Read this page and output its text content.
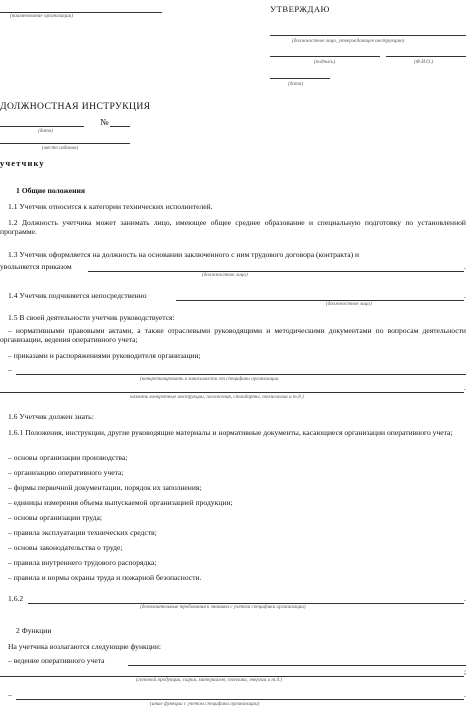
(наименование организации)
УТВЕРЖДАЮ
(должностное лицо, утверждающее инструкцию)
(подпись)	(Ф.И.О.)
(дата)
ДОЛЖНОСТНАЯ ИНСТРУКЦИЯ
(дата)
№
(место издания)
учетчику
1 Общие положения
1.1 Учетчик относится к категории технических исполнителей.
1.2 Должность учетчика может занимать лицо, имеющее общее среднее образование и специальную подготовку по установленной программе.
1.3 Учетчик оформляется на должность на основании заключенного с ним трудового договора (контракта) и
увольняется приказом	.
(должностное лицо)
1.4 Учетчик подчиняется непосредственно	.
(должностное лицо)
1.5 В своей деятельности учетчик руководствуется:
– нормативными правовыми актами, а также отраслевыми руководящими и методическими документами по вопросам деятельности организации, ведения оперативного учета;
– приказами и распоряжениями руководителя организации;
–
(конкретизировать в зависимости от специфики организации
.
назвать конкретные инструкции, положения, стандарты, технологии и т.д.)
1.6 Учетчик должен знать:
1.6.1 Положения, инструкции, другие руководящие материалы и нормативные документы, касающиеся организации оперативного учета;
– основы организации производства;
– организацию оперативного учета;
– формы первичной документации, порядок их заполнения;
– единицы измерения объема выпускаемой организацией продукции;
– основы организации труда;
– правила эксплуатации технических средств;
– основы законодательства о труде;
– правила внутреннего трудового распорядка;
– правила и нормы охраны труда и пожарной безопасности.
1.6.2	.
(дополнительные требования к знаниям с учетом специфики организации)
2 Функции
На учетчика возлагаются следующие функции:
– ведение оперативного учета
;
(готовой продукции, сырья, материалов, топлива, энергии и т.д.)
–	.
(иные функции с учетом специфики организации)
